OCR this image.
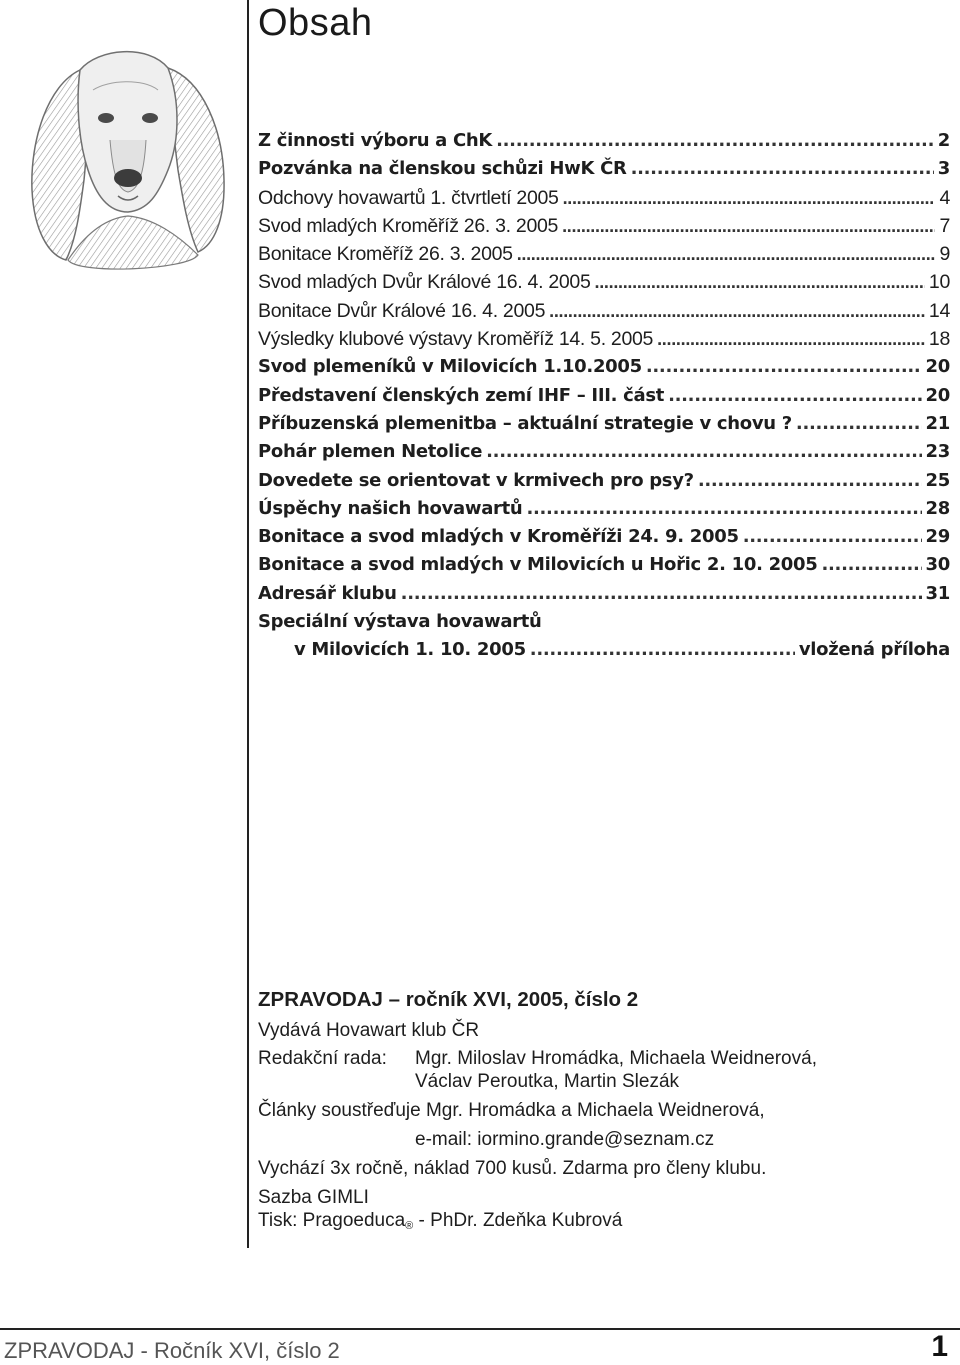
Obsah
Z činnosti výboru a ChK .....	2
Pozvánka na členskou schůzi HwK ČR .....	3
Odchovy hovawartů 1. čtvrtletí 2005 .....	4
Svod mladých Kroměříž 26. 3. 2005 .....	7
Bonitace Kroměříž 26. 3. 2005 .....	9
Svod mladých Dvůr Králové 16. 4. 2005 .....	10
Bonitace Dvůr Králové 16. 4. 2005 .....	14
Výsledky klubové výstavy Kroměříž 14. 5. 2005 .....	18
Svod plemeníků v Milovicích 1.10.2005 .....	20
Představení členských zemí IHF – III. část .....	20
Příbuzenská plemenitba – aktuální strategie v chovu ? .....	21
Pohár plemen Netolice .....	23
Dovedete se orientovat v krmivech pro psy? .....	25
Úspěchy našich hovawartů .....	28
Bonitace a svod mladých v Kroměříži 24. 9. 2005 .....	29
Bonitace a svod mladých v Milovicích u Hořic 2. 10. 2005 .....	30
Adresář klubu .....	31
Speciální výstava hovawartů
v Milovicích 1. 10. 2005 .....	vložená příloha

ZPRAVODAJ – ročník XVI, 2005, číslo 2

Vydává Hovawart klub ČR

Redakční rada:	Mgr. Miloslav Hromádka, Michaela Weidnerová,

Václav Peroutka, Martin Slezák

Články soustřeďuje Mgr. Hromádka a Michaela Weidnerová,

e-mail: iormino.grande@seznam.cz

Vychází 3x ročně, náklad 700 kusů. Zdarma pro členy klubu.

Sazba GIMLI

Tisk: Pragoeduca® - PhDr. Zdeňka Kubrová

ZPRAVODAJ - Ročník XVI, číslo 2	1
